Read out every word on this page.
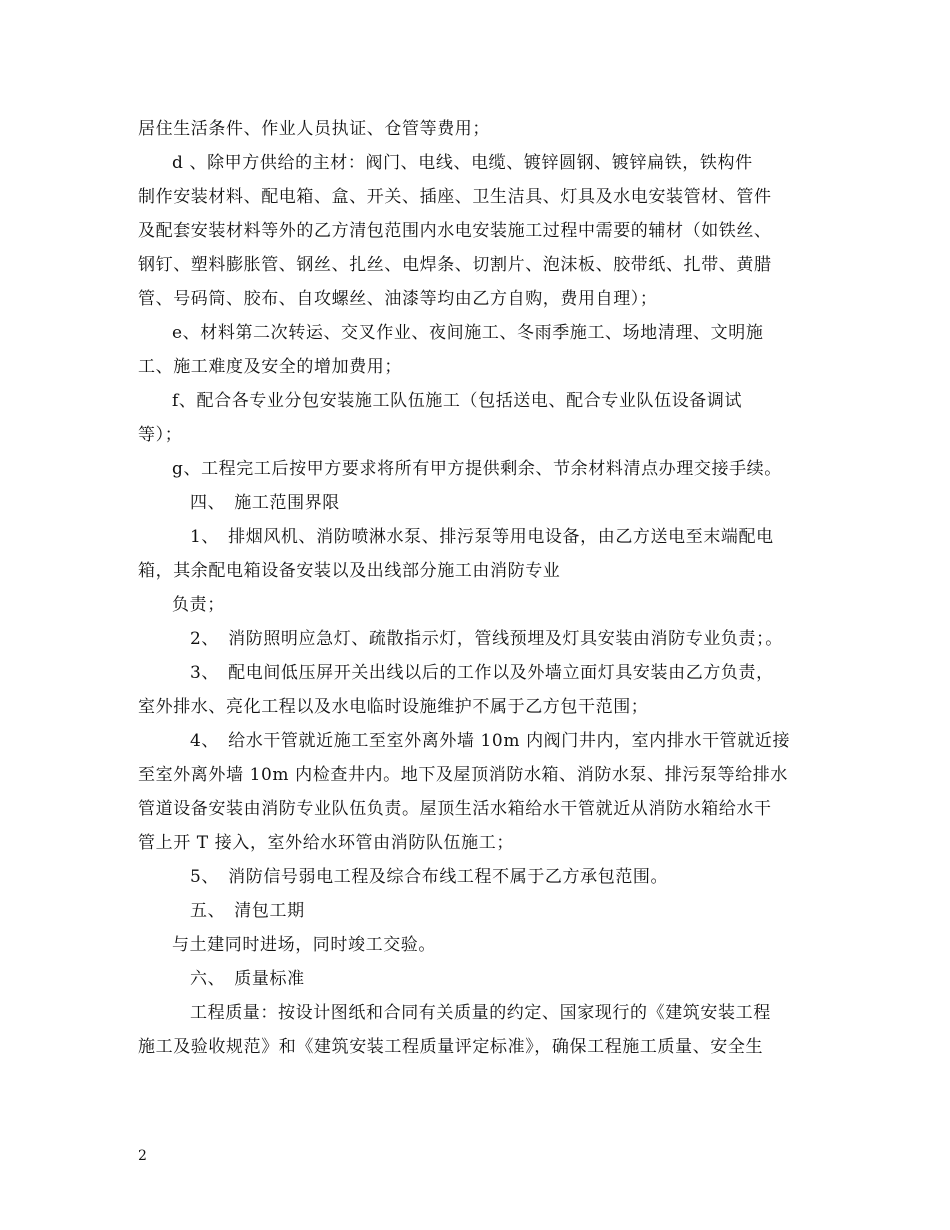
居住生活条件、作业人员执证、仓管等费用；
d 、除甲方供给的主材：阀门、电线、电缆、镀锌圆钢、镀锌扁铁，铁构件
制作安装材料、配电箱、盒、开关、插座、卫生洁具、灯具及水电安装管材、管件
及配套安装材料等外的乙方清包范围内水电安装施工过程中需要的辅材（如铁丝、
钢钉、塑料膨胀管、钢丝、扎丝、电焊条、切割片、泡沫板、胶带纸、扎带、黄腊
管、号码筒、胶布、自攻螺丝、油漆等均由乙方自购，费用自理）；
e、材料第二次转运、交叉作业、夜间施工、冬雨季施工、场地清理、文明施
工、施工难度及安全的增加费用；
f、配合各专业分包安装施工队伍施工（包括送电、配合专业队伍设备调试
等）；
g、工程完工后按甲方要求将所有甲方提供剩余、节余材料清点办理交接手续。
四、　施工范围界限
1、　排烟风机、消防喷淋水泵、排污泵等用电设备，由乙方送电至末端配电
箱，其余配电箱设备安装以及出线部分施工由消防专业
负责；
2、　消防照明应急灯、疏散指示灯，管线预埋及灯具安装由消防专业负责；。
3、　配电间低压屏开关出线以后的工作以及外墙立面灯具安装由乙方负责，
室外排水、亮化工程以及水电临时设施维护不属于乙方包干范围；
4、　给水干管就近施工至室外离外墙 10m 内阀门井内，室内排水干管就近接
至室外离外墙 10m 内检查井内。地下及屋顶消防水箱、消防水泵、排污泵等给排水
管道设备安装由消防专业队伍负责。屋顶生活水箱给水干管就近从消防水箱给水干
管上开 T 接入，室外给水环管由消防队伍施工；
5、　消防信号弱电工程及综合布线工程不属于乙方承包范围。
五、　清包工期
与土建同时进场，同时竣工交验。
六、　质量标准
工程质量：按设计图纸和合同有关质量的约定、国家现行的《建筑安装工程
施工及验收规范》和《建筑安装工程质量评定标准》，确保工程施工质量、安全生
2
